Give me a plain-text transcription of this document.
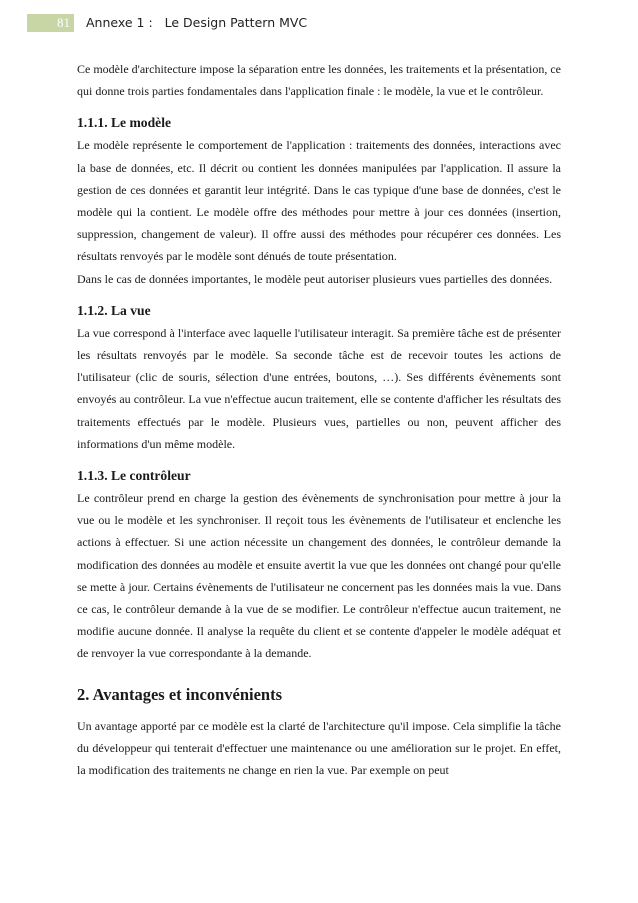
81	Annexe 1 :   Le Design Pattern MVC

Ce modèle d'architecture impose la séparation entre les données, les traitements et la présentation, ce qui donne trois parties fondamentales dans l'application finale : le modèle, la vue et le contrôleur.

1.1.1. Le modèle

Le modèle représente le comportement de l'application : traitements des données, interactions avec la base de données, etc. Il décrit ou contient les données manipulées par l'application. Il assure la gestion de ces données et garantit leur intégrité. Dans le cas typique d'une base de données, c'est le modèle qui la contient. Le modèle offre des méthodes pour mettre à jour ces données (insertion, suppression, changement de valeur). Il offre aussi des méthodes pour récupérer ces données. Les résultats renvoyés par le modèle sont dénués de toute présentation.

Dans le cas de données importantes, le modèle peut autoriser plusieurs vues partielles des données.

1.1.2. La vue

La vue correspond à l'interface avec laquelle l'utilisateur interagit. Sa première tâche est de présenter les résultats renvoyés par le modèle. Sa seconde tâche est de recevoir toutes les actions de l'utilisateur (clic de souris, sélection d'une entrées, boutons, …). Ses différents évènements sont envoyés au contrôleur. La vue n'effectue aucun traitement, elle se contente d'afficher les résultats des traitements effectués par le modèle. Plusieurs vues, partielles ou non, peuvent afficher des informations d'un même modèle.

1.1.3. Le contrôleur

Le contrôleur prend en charge la gestion des évènements de synchronisation pour mettre à jour la vue ou le modèle et les synchroniser. Il reçoit tous les évènements de l'utilisateur et enclenche les actions à effectuer. Si une action nécessite un changement des données, le contrôleur demande la modification des données au modèle et ensuite avertit la vue que les données ont changé pour qu'elle se mette à jour. Certains évènements de l'utilisateur ne concernent pas les données mais la vue. Dans ce cas, le contrôleur demande à la vue de se modifier. Le contrôleur n'effectue aucun traitement, ne modifie aucune donnée. Il analyse la requête du client et se contente d'appeler le modèle adéquat et de renvoyer la vue correspondante à la demande.

2. Avantages et inconvénients

Un avantage apporté par ce modèle est la clarté de l'architecture qu'il impose. Cela simplifie la tâche du développeur qui tenterait d'effectuer une maintenance ou une amélioration sur le projet. En effet, la modification des traitements ne change en rien la vue. Par exemple on peut
